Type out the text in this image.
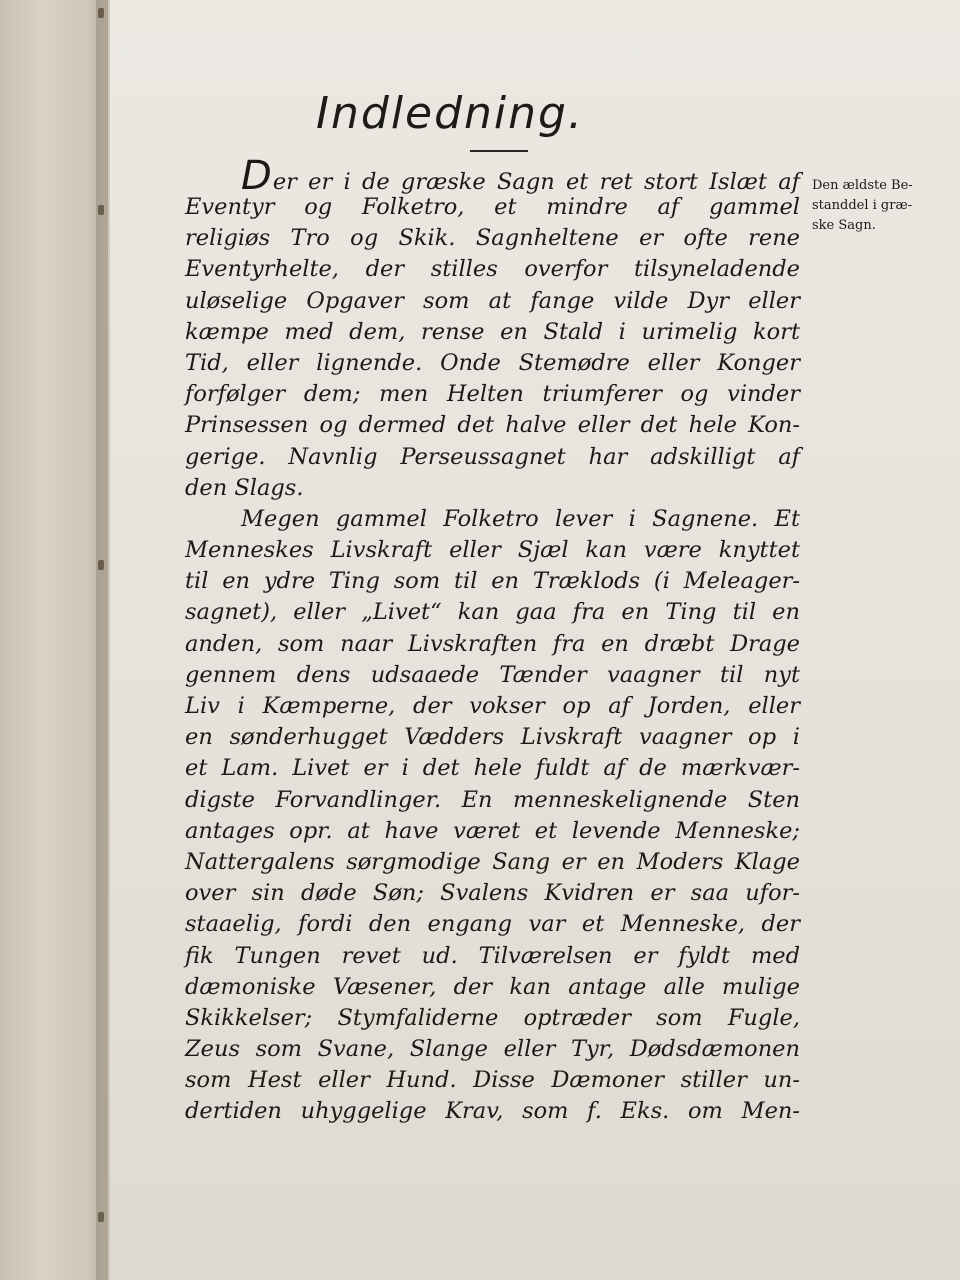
Indledning.
Den ældste Be-
standdel i græ-
ske Sagn.
Der er i de græske Sagn et ret stort Islæt af
Eventyr og Folketro, et mindre af gammel
religiøs Tro og Skik. Sagnheltene er ofte rene
Eventyrhelte, der stilles overfor tilsyneladende
uløselige Opgaver som at fange vilde Dyr eller
kæmpe med dem, rense en Stald i urimelig kort
Tid, eller lignende. Onde Stemødre eller Konger
forfølger dem; men Helten triumferer og vinder
Prinsessen og dermed det halve eller det hele Kon-
gerige. Navnlig Perseussagnet har adskilligt af
den Slags.
Megen gammel Folketro lever i Sagnene. Et
Menneskes Livskraft eller Sjæl kan være knyttet
til en ydre Ting som til en Træklods (i Meleager-
sagnet), eller „Livet“ kan gaa fra en Ting til en
anden, som naar Livskraften fra en dræbt Drage
gennem dens udsaaede Tænder vaagner til nyt
Liv i Kæmperne, der vokser op af Jorden, eller
en sønderhugget Vædders Livskraft vaagner op i
et Lam. Livet er i det hele fuldt af de mærkvær-
digste Forvandlinger. En menneskelignende Sten
antages opr. at have været et levende Menneske;
Nattergalens sørgmodige Sang er en Moders Klage
over sin døde Søn; Svalens Kvidren er saa ufor-
staaelig, fordi den engang var et Menneske, der
fik Tungen revet ud. Tilværelsen er fyldt med
dæmoniske Væsener, der kan antage alle mulige
Skikkelser; Stymfaliderne optræder som Fugle,
Zeus som Svane, Slange eller Tyr, Dødsdæmonen
som Hest eller Hund. Disse Dæmoner stiller un-
dertiden uhyggelige Krav, som f. Eks. om Men-
